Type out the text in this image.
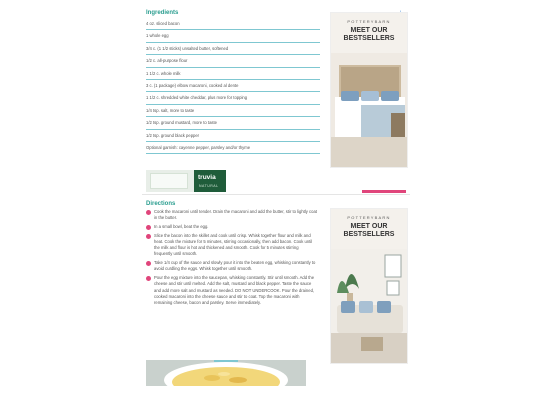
Ingredients
4 oz. sliced bacon
1 whole egg
3/4 c. (1 1/2 sticks) unsalted butter, softened
1/2 c. all-purpose flour
1 1/2 c. whole milk
3 c. (1 package) elbow macaroni, cooked al dente
1 1/2 c. shredded white cheddar, plus more for topping
1/4 tsp. salt, more to taste
1/2 tsp. ground mustard, more to taste
1/2 tsp. ground black pepper
Optional garnish: cayenne pepper, parsley and/or thyme
truvia
NATURAL
POTTERYBARN
MEET OUR BESTSELLERS
Directions
Cook the macaroni until tender. Drain the macaroni and add the butter, stir to lightly coat in the butter.
In a small bowl, beat the egg.
Slice the bacon into the skillet and cook until crisp. Whisk together flour and milk and heat. Cook the mixture for 5 minutes, stirring occasionally, then add bacon. Cook until the milk and flour is hot and thickened and smooth. Cook for 5 minutes stirring frequently until smooth.
Take 1/4 cup of the sauce and slowly pour it into the beaten egg, whisking constantly to avoid curdling the eggs. Whisk together until smooth.
Pour the egg mixture into the saucepan, whisking constantly. Stir until smooth. Add the cheese and stir until melted. Add the salt, mustard and black pepper. Taste the sauce and add more salt and mustard as needed. DO NOT UNDERCOOK. Pour the drained, cooked macaroni into the cheese sauce and stir to coat. Top the macaroni with remaining cheese, bacon and parsley. Serve immediately.
POTTERYBARN
MEET OUR BESTSELLERS
